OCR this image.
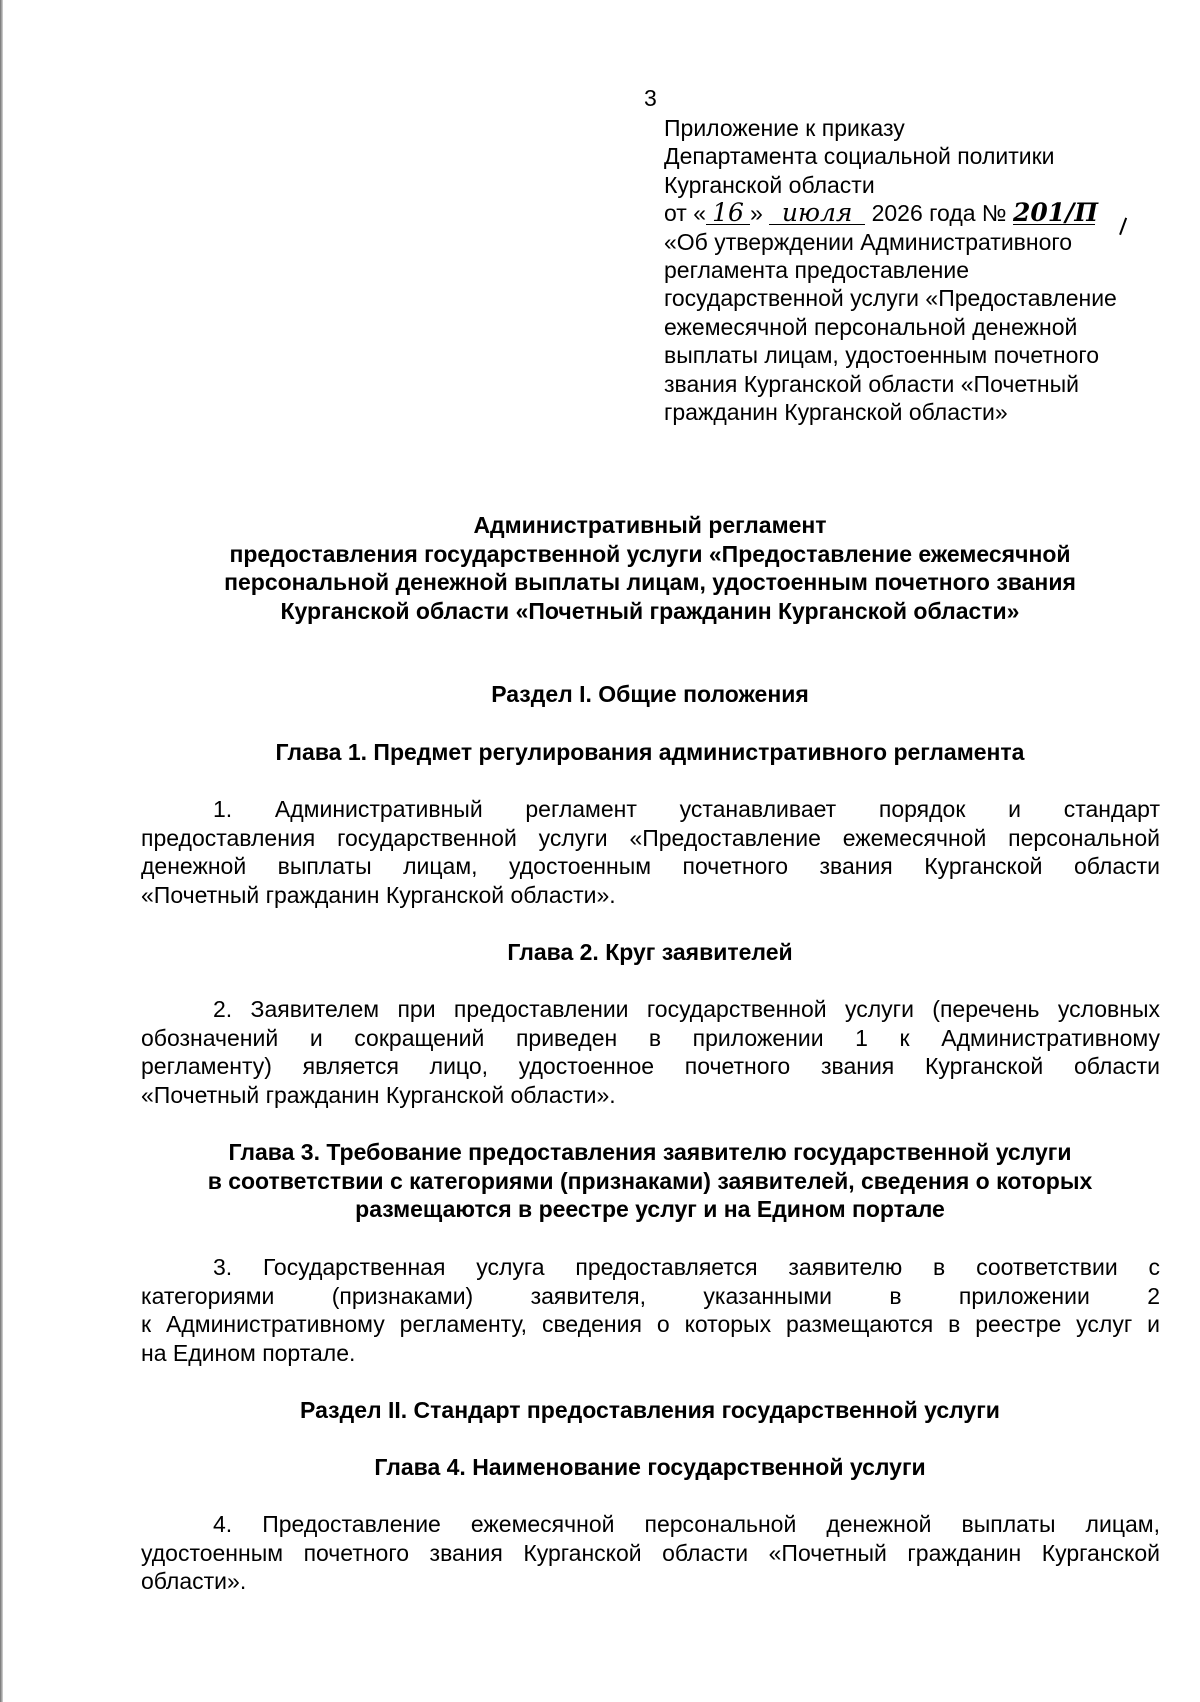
3
Приложение к приказу
Департамента социальной политики
Курганской области
от « 16 » июля 2026 года № 201/П
«Об утверждении Административного
регламента предоставление
государственной услуги «Предоставление
ежемесячной персональной денежной
выплаты лицам, удостоенным почетного
звания Курганской области «Почетный
гражданин Курганской области»
Административный регламент
предоставления государственной услуги «Предоставление ежемесячной
персональной денежной выплаты лицам, удостоенным почетного звания
Курганской области «Почетный гражданин Курганской области»
Раздел I. Общие положения
Глава 1. Предмет регулирования административного регламента
1. Административный регламент устанавливает порядок и стандарт
предоставления государственной услуги «Предоставление ежемесячной персональной
денежной выплаты лицам, удостоенным почетного звания Курганской области
«Почетный гражданин Курганской области».
Глава 2. Круг заявителей
2. Заявителем при предоставлении государственной услуги (перечень условных
обозначений и сокращений приведен в приложении 1 к Административному
регламенту) является лицо, удостоенное почетного звания Курганской области
«Почетный гражданин Курганской области».
Глава 3. Требование предоставления заявителю государственной услуги
в соответствии с категориями (признаками) заявителей, сведения о которых
размещаются в реестре услуг и на Едином портале
3. Государственная услуга предоставляется заявителю в соответствии с
категориями (признаками) заявителя, указанными в приложении 2
к Административному регламенту, сведения о которых размещаются в реестре услуг и
на Едином портале.
Раздел II. Стандарт предоставления государственной услуги
Глава 4. Наименование государственной услуги
4. Предоставление ежемесячной персональной денежной выплаты лицам,
удостоенным почетного звания Курганской области «Почетный гражданин Курганской
области».
